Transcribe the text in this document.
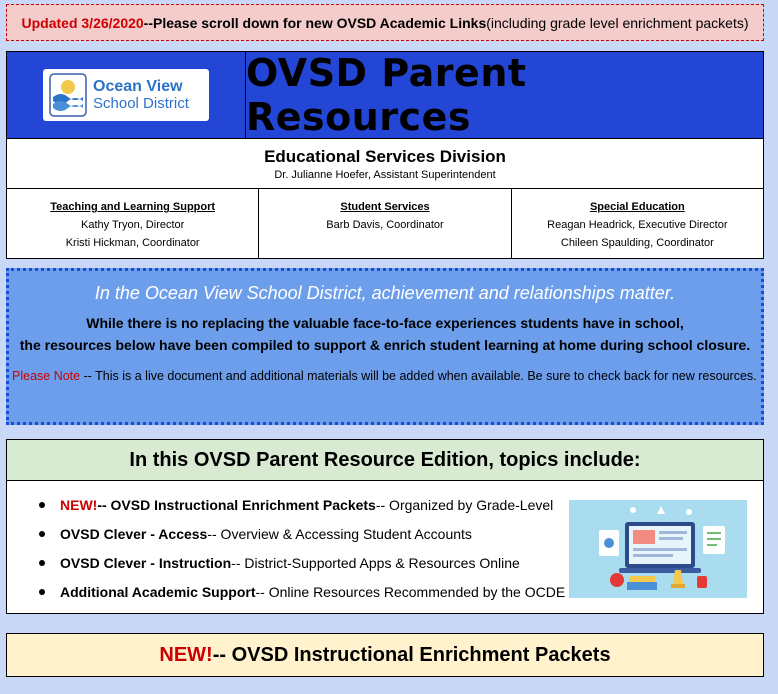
Updated 3/26/2020 --Please scroll down for new OVSD Academic Links (including grade level enrichment packets)
Ocean View
School District
OVSD Parent Resources
Educational Services Division
Dr. Julianne Hoefer, Assistant Superintendent
Teaching and Learning Support
Kathy Tryon, Director
Kristi Hickman, Coordinator
Student Services
Barb Davis, Coordinator
Special Education
Reagan Headrick, Executive Director
Chileen Spaulding, Coordinator
In the Ocean View School District, achievement and relationships matter.
While there is no replacing the valuable face-to-face experiences students have in school,
the resources below have been compiled to support & enrich student learning at home during school closure.
Please Note -- This is a live document and additional materials will be added when available. Be sure to check back for new resources.
In this OVSD Parent Resource Edition, topics include:
NEW! -- OVSD Instructional Enrichment Packets -- Organized by Grade-Level
OVSD Clever - Access -- Overview & Accessing Student Accounts
OVSD Clever - Instruction -- District-Supported Apps & Resources Online
Additional Academic Support -- Online Resources Recommended by the OCDE
NEW! -- OVSD Instructional Enrichment Packets
